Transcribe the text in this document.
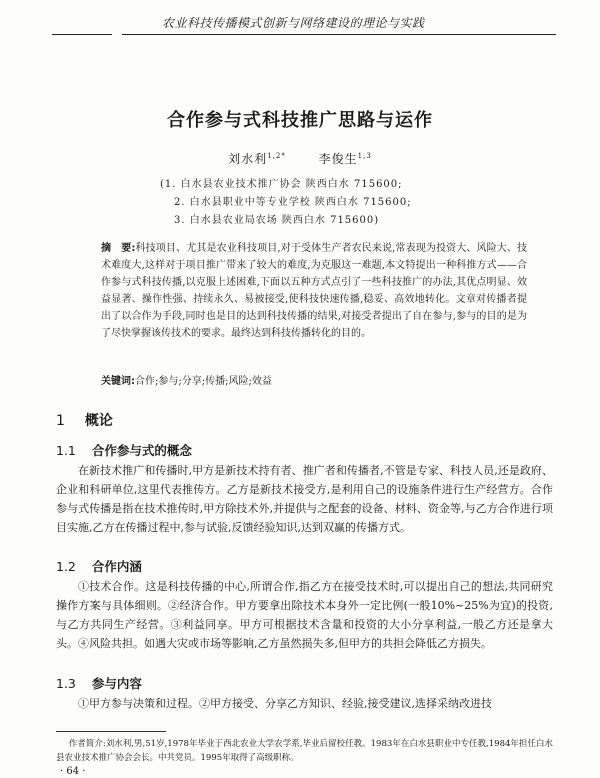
农业科技传播模式创新与网络建设的理论与实践
合作参与式科技推广思路与运作
刘水利$^{1,2*}$	李俊生$^{1,3}$
(1. 白水县农业技术推广协会 陕西白水 715600;
2. 白水县职业中等专业学校 陕西白水 715600;
3. 白水县农业局农场 陕西白水 715600)
摘　要:科技项目、尤其是农业科技项目,对于受体生产者农民来说,常表现为投资大、风险大、技术难度大,这样对于项目推广带来了较大的难度,为克服这一难题,本文特提出一种科推方式——合作参与式科技传播,以克服上述困难,下面以五种方式点引了一些科技推广的办法,其优点明显、效益显著、操作性强、持续永久、易被接受,使科技快速传播,稳妥、高效地转化。文章对传播者提出了以合作为手段,同时也是目的达到科技传播的结果,对接受者提出了自在参与,参与的目的是为了尽快掌握该传技术的要求。最终达到科技传播转化的目的。
关键词:合作;参与;分享;传播;风险;效益
1 概论
1.1 合作参与式的概念
在新技术推广和传播时,甲方是新技术持有者、推广者和传播者,不管是专家、科技人员,还是政府、企业和科研单位,这里代表推传方。乙方是新技术接受方,是利用自己的设施条件进行生产经营方。合作参与式传播是指在技术推传时,甲方除技术外,并提供与之配套的设备、材料、资金等,与乙方合作进行项目实施,乙方在传播过程中,参与试验,反馈经验知识,达到双赢的传播方式。
1.2 合作内涵
①技术合作。这是科技传播的中心,所谓合作,指乙方在接受技术时,可以提出自己的想法,共同研究操作方案与具体细则。②经济合作。甲方要拿出除技术本身外一定比例(一般10%~25%为宜)的投资,与乙方共同生产经营。③利益同享。甲方可根据技术含量和投资的大小分享利益,一般乙方还是拿大头。④风险共担。如遇大灾或市场等影响,乙方虽然损失多,但甲方的共担会降低乙方损失。
1.3 参与内容
①甲方参与决策和过程。②甲方接受、分享乙方知识、经验,接受建议,选择采纳改进技
作者简介:刘水利,男,51岁,1978年毕业于西北农业大学农学系,毕业后留校任教。1983年在白水县职业中专任教,1984年担任白水县农业技术推广协会会长。中共党员。1995年取得了高级职称。
· 64 ·
